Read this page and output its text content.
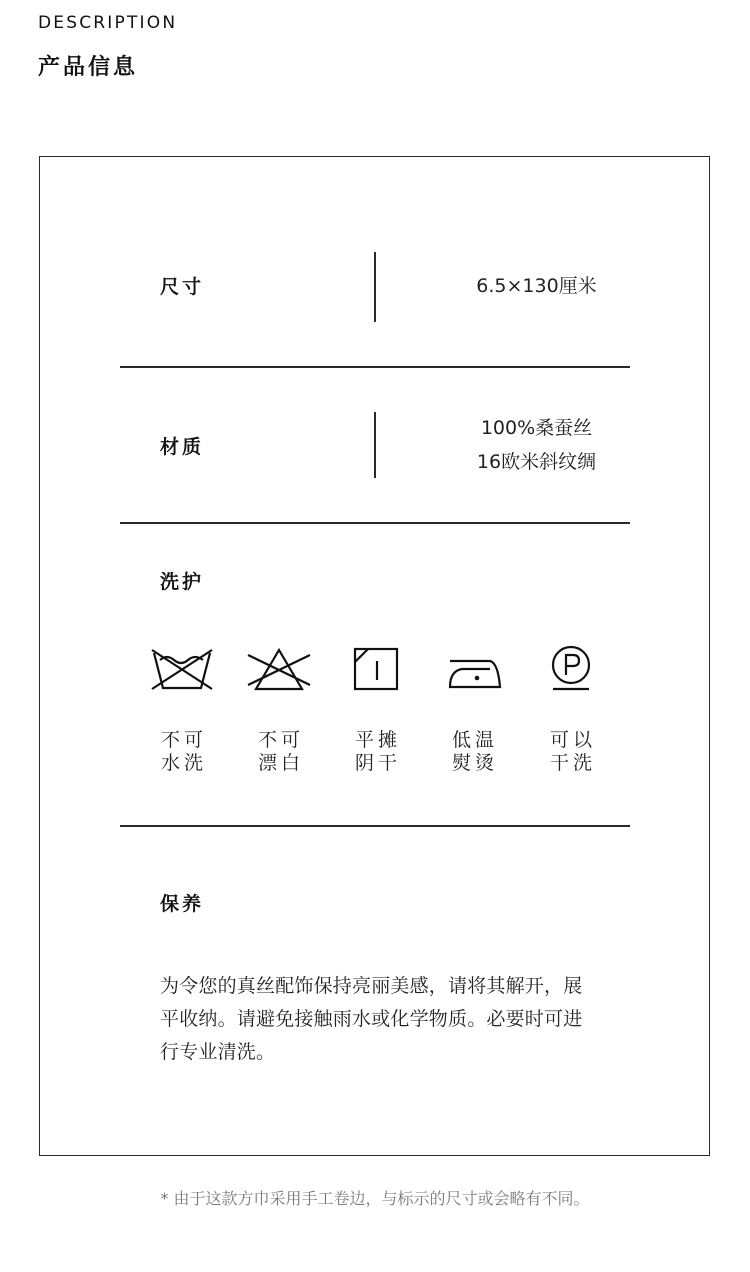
DESCRIPTION
产品信息
尺寸	6.5×130厘米
材质
100%桑蚕丝
16欧米斜纹绸
洗护
不可
水洗
不可
漂白
平摊
阴干
低温
熨烫
可以
干洗
保养
为令您的真丝配饰保持亮丽美感，请将其解开，展平收纳。请避免接触雨水或化学物质。必要时可进行专业清洗。
* 由于这款方巾采用手工卷边，与标示的尺寸或会略有不同。
